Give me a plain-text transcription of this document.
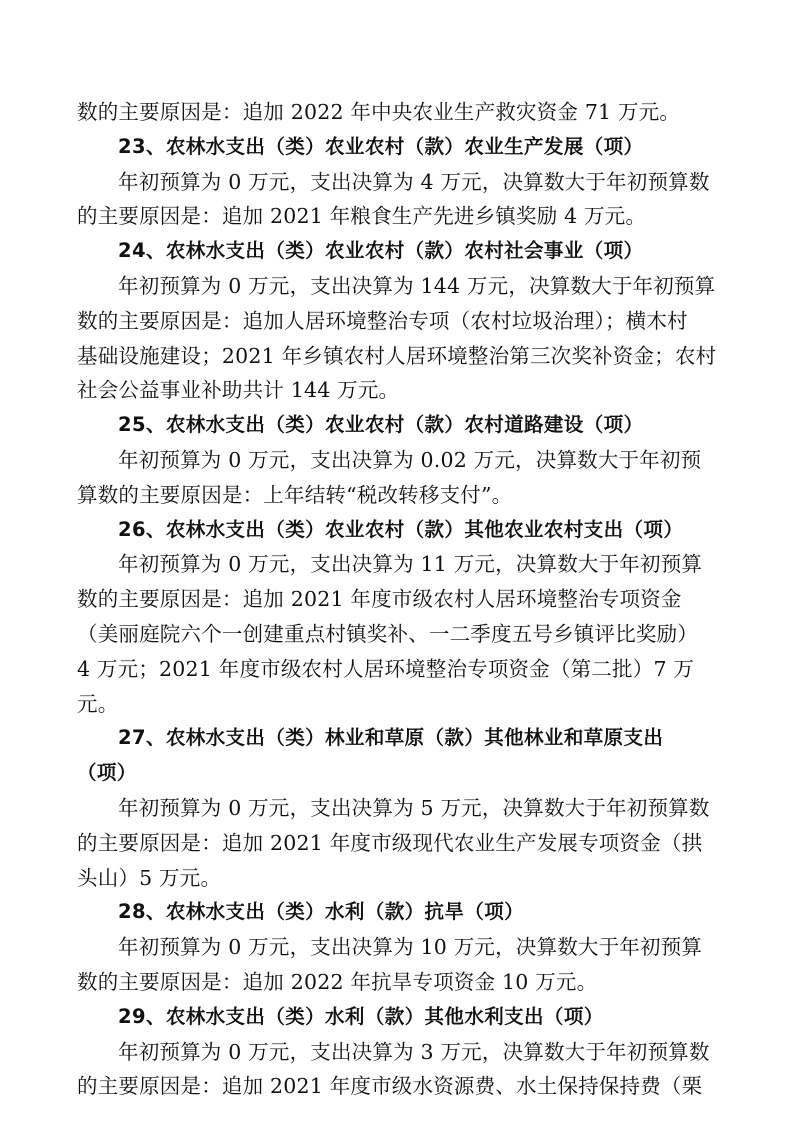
数的主要原因是：追加 2022 年中央农业生产救灾资金 71 万元。
23、农林水支出（类）农业农村（款）农业生产发展（项）
年初预算为 0 万元，支出决算为 4 万元，决算数大于年初预算数
的主要原因是：追加 2021 年粮食生产先进乡镇奖励 4 万元。
24、农林水支出（类）农业农村（款）农村社会事业（项）
年初预算为 0 万元，支出决算为 144 万元，决算数大于年初预算
数的主要原因是：追加人居环境整治专项（农村垃圾治理）；横木村
基础设施建设；2021 年乡镇农村人居环境整治第三次奖补资金；农村
社会公益事业补助共计 144 万元。
25、农林水支出（类）农业农村（款）农村道路建设（项）
年初预算为 0 万元，支出决算为 0.02 万元，决算数大于年初预
算数的主要原因是：上年结转“税改转移支付”。
26、农林水支出（类）农业农村（款）其他农业农村支出（项）
年初预算为 0 万元，支出决算为 11 万元，决算数大于年初预算
数的主要原因是：追加 2021 年度市级农村人居环境整治专项资金
（美丽庭院六个一创建重点村镇奖补、一二季度五号乡镇评比奖励）
4 万元；2021 年度市级农村人居环境整治专项资金（第二批）7 万
元。
27、农林水支出（类）林业和草原（款）其他林业和草原支出
（项）
年初预算为 0 万元，支出决算为 5 万元，决算数大于年初预算数
的主要原因是：追加 2021 年度市级现代农业生产发展专项资金（拱
头山）5 万元。
28、农林水支出（类）水利（款）抗旱（项）
年初预算为 0 万元，支出决算为 10 万元，决算数大于年初预算
数的主要原因是：追加 2022 年抗旱专项资金 10 万元。
29、农林水支出（类）水利（款）其他水利支出（项）
年初预算为 0 万元，支出决算为 3 万元，决算数大于年初预算数
的主要原因是：追加 2021 年度市级水资源费、水土保持保持费（栗
